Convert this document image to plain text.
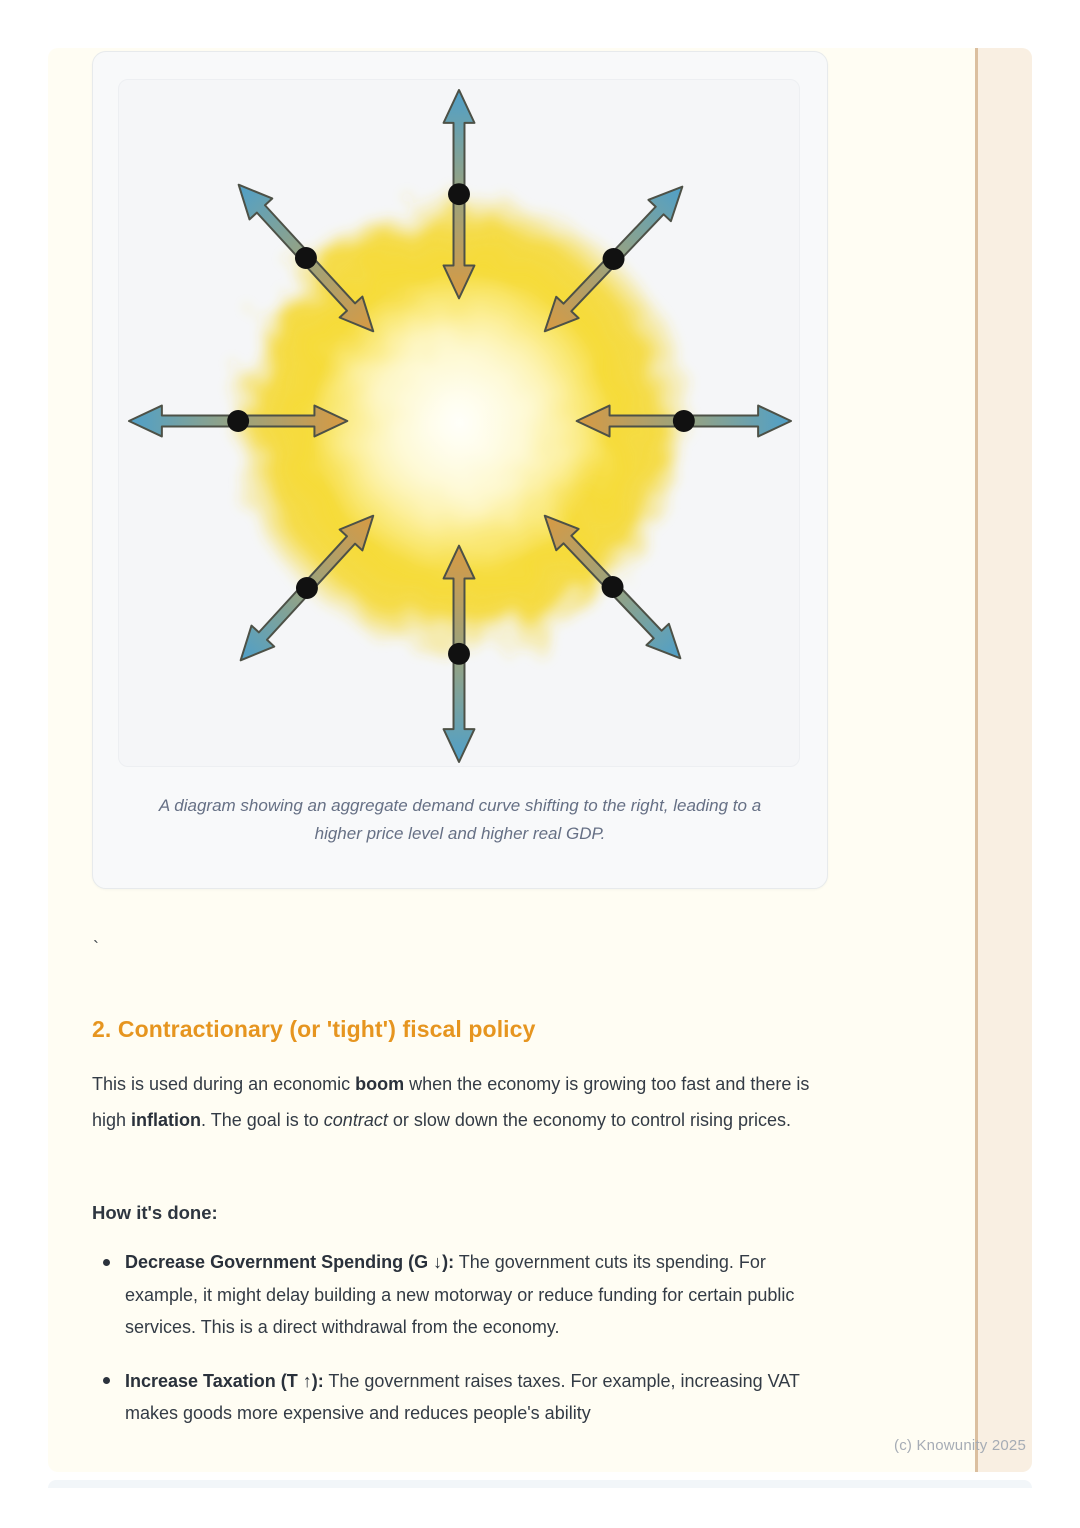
A diagram showing an aggregate demand curve shifting to the right, leading to a higher price level and higher real GDP.
`
2. Contractionary (or 'tight') fiscal policy

This is used during an economic boom when the economy is growing too fast and there is high inflation. The goal is to contract or slow down the economy to control rising prices.

How it's done:

Decrease Government Spending (G ↓): The government cuts its spending. For example, it might delay building a new motorway or reduce funding for certain public services. This is a direct withdrawal from the economy.
Increase Taxation (T ↑): The government raises taxes. For example, increasing VAT makes goods more expensive and reduces people's ability
(c) Knowunity 2025
